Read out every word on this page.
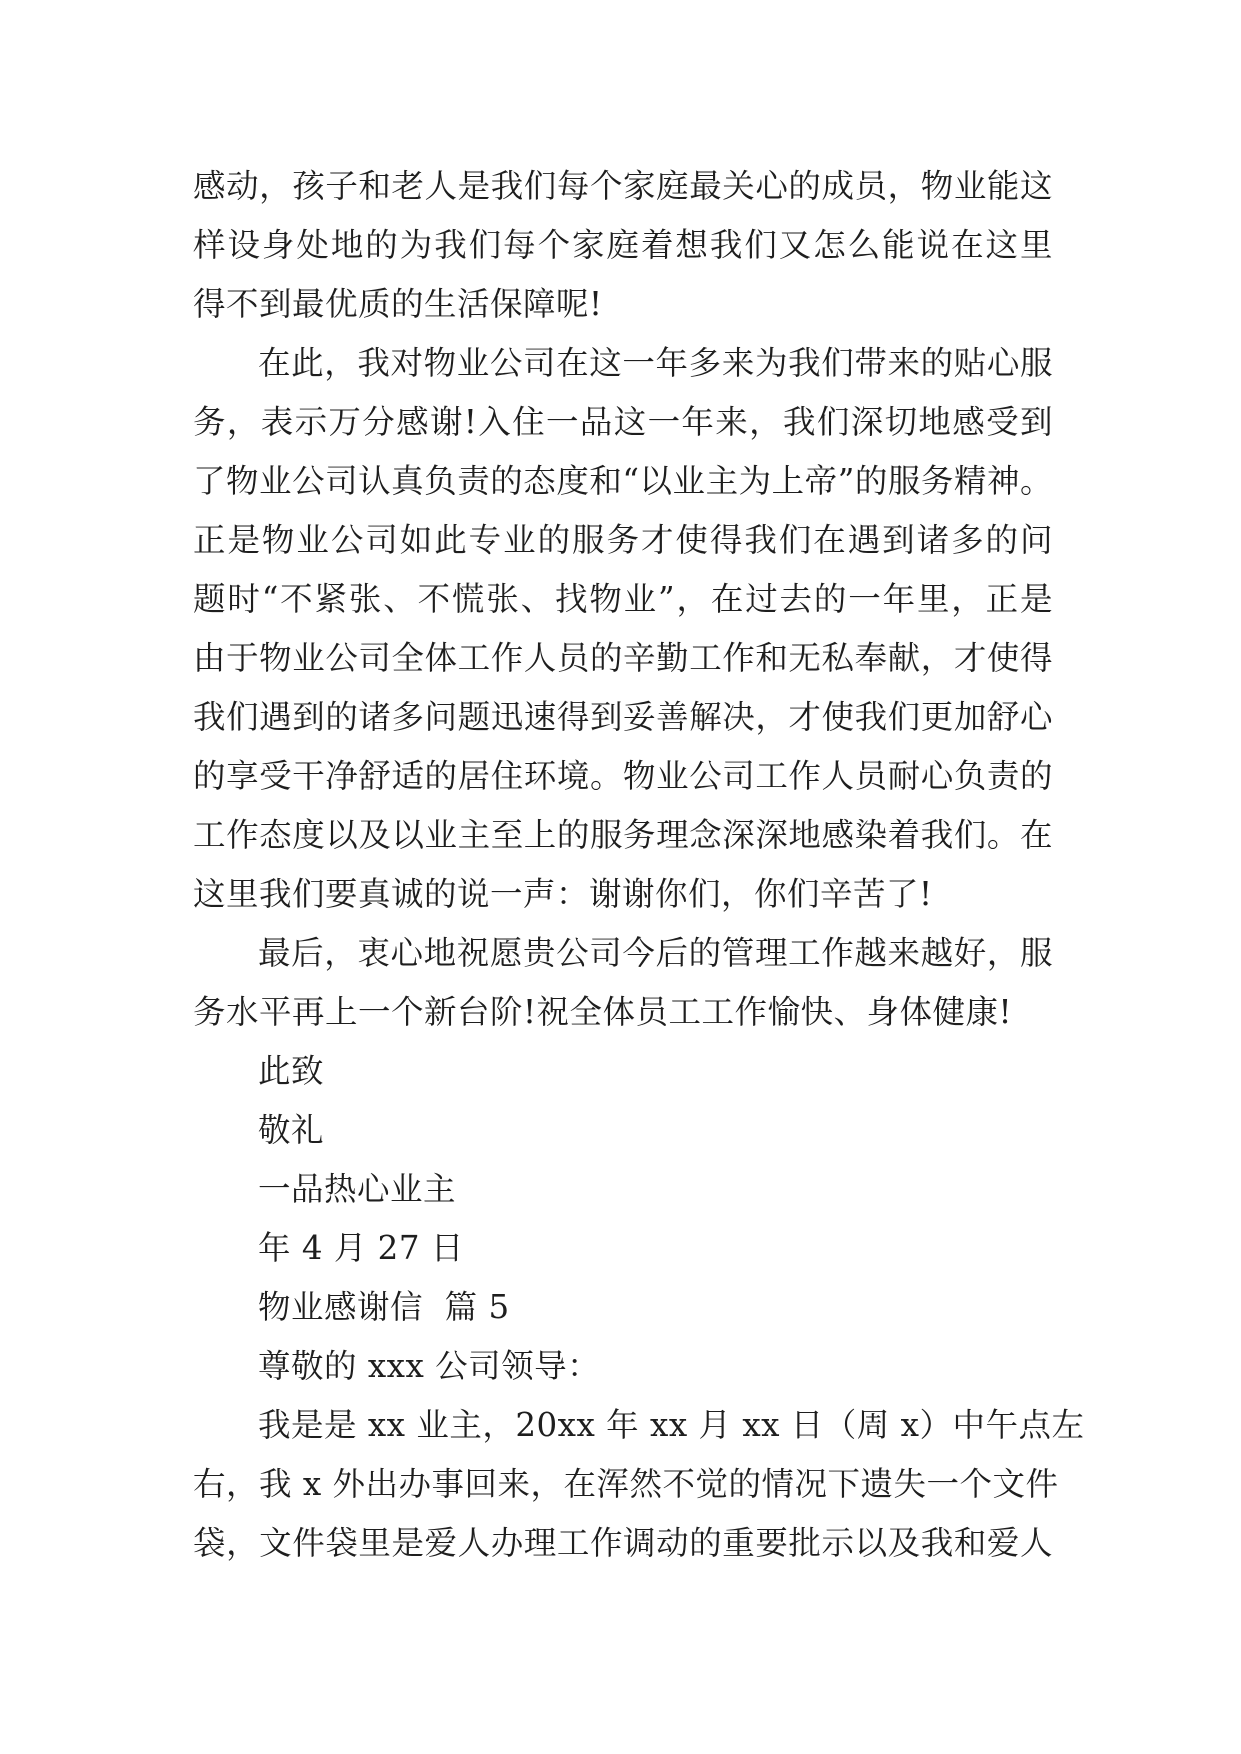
感动，孩子和老人是我们每个家庭最关心的成员，物业能这
样设身处地的为我们每个家庭着想我们又怎么能说在这里
得不到最优质的生活保障呢!
在此，我对物业公司在这一年多来为我们带来的贴心服
务，表示万分感谢!入住一品这一年来，我们深切地感受到
了物业公司认真负责的态度和“以业主为上帝”的服务精神。
正是物业公司如此专业的服务才使得我们在遇到诸多的问
题时“不紧张、不慌张、找物业”，在过去的一年里，正是
由于物业公司全体工作人员的辛勤工作和无私奉献，才使得
我们遇到的诸多问题迅速得到妥善解决，才使我们更加舒心
的享受干净舒适的居住环境。物业公司工作人员耐心负责的
工作态度以及以业主至上的服务理念深深地感染着我们。在
这里我们要真诚的说一声：谢谢你们，你们辛苦了!
最后，衷心地祝愿贵公司今后的管理工作越来越好，服
务水平再上一个新台阶!祝全体员工工作愉快、身体健康!
此致
敬礼
一品热心业主
年 4 月 27 日
物业感谢信  篇 5
尊敬的 xxx 公司领导：
我是是 xx 业主，20xx 年 xx 月 xx 日（周 x）中午点左
右，我 x 外出办事回来，在浑然不觉的情况下遗失一个文件
袋，文件袋里是爱人办理工作调动的重要批示以及我和爱人
